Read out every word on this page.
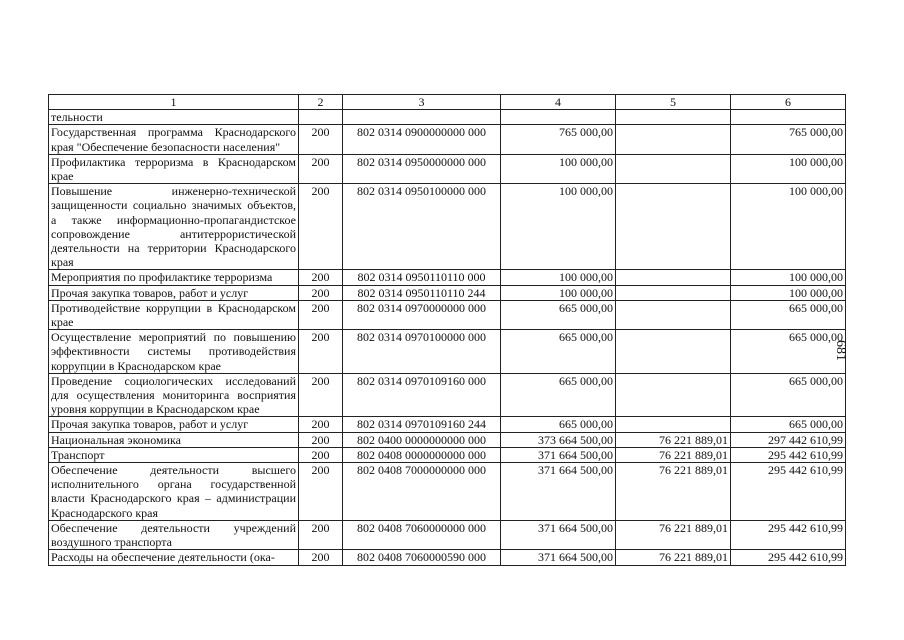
1	2	3	4	5	6
тельности					
Государственная программа Краснодарского края "Обеспечение безопасности населения"	200	802 0314 0900000000 000	765 000,00		765 000,00
Профилактика терроризма в Краснодарском крае	200	802 0314 0950000000 000	100 000,00		100 000,00
Повышение инженерно-технической защищенности социально значимых объектов, а также информационно-пропагандистское сопровождение антитеррористической деятельности на территории Краснодарского края	200	802 0314 0950100000 000	100 000,00		100 000,00
Мероприятия по профилактике терроризма	200	802 0314 0950110110 000	100 000,00		100 000,00
Прочая закупка товаров, работ и услуг	200	802 0314 0950110110 244	100 000,00		100 000,00
Противодействие коррупции в Краснодарском крае	200	802 0314 0970000000 000	665 000,00		665 000,00
Осуществление мероприятий по повышению эффективности системы противодействия коррупции в Краснодарском крае	200	802 0314 0970100000 000	665 000,00		665 000,00
Проведение социологических исследований для осуществления мониторинга восприятия уровня коррупции в Краснодарском крае	200	802 0314 0970109160 000	665 000,00		665 000,00
Прочая закупка товаров, работ и услуг	200	802 0314 0970109160 244	665 000,00		665 000,00
Национальная экономика	200	802 0400 0000000000 000	373 664 500,00	76 221 889,01	297 442 610,99
Транспорт	200	802 0408 0000000000 000	371 664 500,00	76 221 889,01	295 442 610,99
Обеспечение деятельности высшего исполнительного органа государственной власти Краснодарского края – администрации Краснодарского края	200	802 0408 7000000000 000	371 664 500,00	76 221 889,01	295 442 610,99
Обеспечение деятельности учреждений воздушного транспорта	200	802 0408 7060000000 000	371 664 500,00	76 221 889,01	295 442 610,99
Расходы на обеспечение деятельности (ока-	200	802 0408 7060000590 000	371 664 500,00	76 221 889,01	295 442 610,99
681
